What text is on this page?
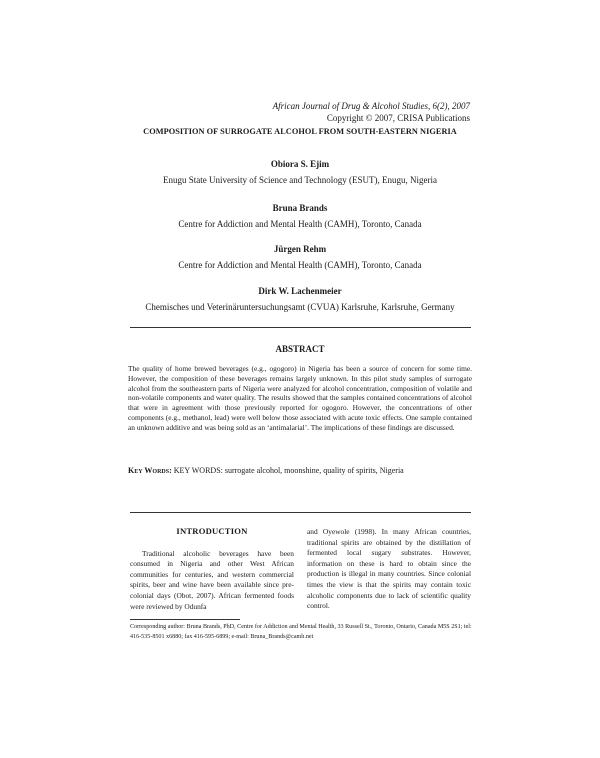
African Journal of Drug & Alcohol Studies, 6(2), 2007
Copyright © 2007, CRISA Publications
COMPOSITION OF SURROGATE ALCOHOL FROM SOUTH-EASTERN NIGERIA
Obiora S. Ejim
Enugu State University of Science and Technology (ESUT), Enugu, Nigeria
Bruna Brands
Centre for Addiction and Mental Health (CAMH), Toronto, Canada
Jürgen Rehm
Centre for Addiction and Mental Health (CAMH), Toronto, Canada
Dirk W. Lachenmeier
Chemisches und Veterinäruntersuchungsamt (CVUA) Karlsruhe, Karlsruhe, Germany
ABSTRACT
The quality of home brewed beverages (e.g., ogogoro) in Nigeria has been a source of concern for some time. However, the composition of these beverages remains largely unknown. In this pilot study samples of surrogate alcohol from the southeastern parts of Nigeria were analyzed for alcohol concentration, composition of volatile and non-volatile components and water quality. The results showed that the samples contained concentrations of alcohol that were in agreement with those previously reported for ogogoro. However, the concentrations of other components (e.g., methanol, lead) were well below those associated with acute toxic effects. One sample contained an unknown additive and was being sold as an ‘antimalarial’. The implications of these findings are discussed.
Key Words: KEY WORDS: surrogate alcohol, moonshine, quality of spirits, Nigeria
INTRODUCTION

Traditional alcoholic beverages have been consumed in Nigeria and other West African communities for centuries, and western commercial spirits, beer and wine have been available since pre-colonial days (Obot, 2007). African fermented foods were reviewed by Odunfa

and Oyewole (1998). In many African countries, traditional spirits are obtained by the distillation of fermented local sugary substrates. However, information on these is hard to obtain since the production is illegal in many countries. Since colonial times the view is that the spirits may contain toxic alcoholic components due to lack of scientific quality control.

Corresponding author: Bruna Brands, PhD, Centre for Addiction and Mental Health, 33 Russell St., Toronto, Ontario, Canada M5S 2S1; tel: 416-535-8501 x6880; fax 416-595-6899; e-mail: Bruna_Brands@camh.net
